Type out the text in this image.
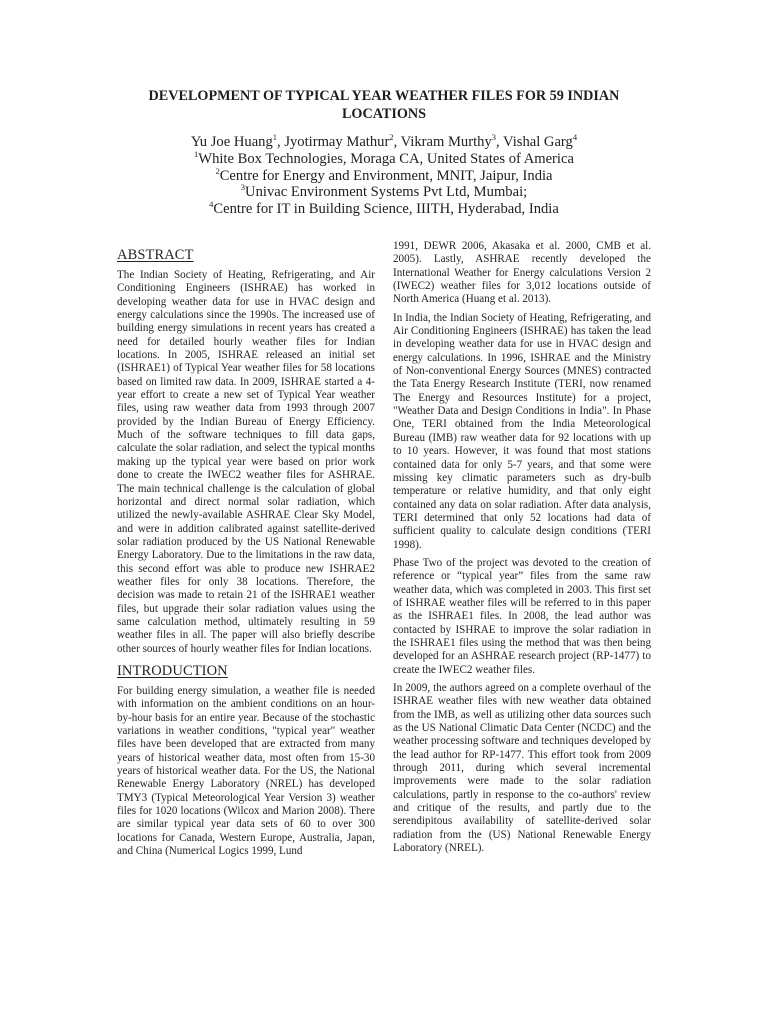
DEVELOPMENT OF TYPICAL YEAR WEATHER FILES FOR 59 INDIAN LOCATIONS
Yu Joe Huang$^1$, Jyotirmay Mathur$^2$, Vikram Murthy$^3$, Vishal Garg$^4$
$^1$White Box Technologies, Moraga CA, United States of America
$^2$Centre for Energy and Environment, MNIT, Jaipur, India
$^3$Univac Environment Systems Pvt Ltd, Mumbai;
$^4$Centre for IT in Building Science, IIITH, Hyderabad, India
ABSTRACT

The Indian Society of Heating, Refrigerating, and Air Conditioning Engineers (ISHRAE) has worked in developing weather data for use in HVAC design and energy calculations since the 1990s. The increased use of building energy simulations in recent years has created a need for detailed hourly weather files for Indian locations. In 2005, ISHRAE released an initial set (ISHRAE1) of Typical Year weather files for 58 locations based on limited raw data. In 2009, ISHRAE started a 4-year effort to create a new set of Typical Year weather files, using raw weather data from 1993 through 2007 provided by the Indian Bureau of Energy Efficiency. Much of the software techniques to fill data gaps, calculate the solar radiation, and select the typical months making up the typical year were based on prior work done to create the IWEC2 weather files for ASHRAE. The main technical challenge is the calculation of global horizontal and direct normal solar radiation, which utilized the newly-available ASHRAE Clear Sky Model, and were in addition calibrated against satellite-derived solar radiation produced by the US National Renewable Energy Laboratory. Due to the limitations in the raw data, this second effort was able to produce new ISHRAE2 weather files for only 38 locations. Therefore, the decision was made to retain 21 of the ISHRAE1 weather files, but upgrade their solar radiation values using the same calculation method, ultimately resulting in 59 weather files in all. The paper will also briefly describe other sources of hourly weather files for Indian locations.

INTRODUCTION

For building energy simulation, a weather file is needed with information on the ambient conditions on an hour-by-hour basis for an entire year. Because of the stochastic variations in weather conditions, "typical year" weather files have been developed that are extracted from many years of historical weather data, most often from 15-30 years of historical weather data. For the US, the National Renewable Energy Laboratory (NREL) has developed TMY3 (Typical Meteorological Year Version 3) weather files for 1020 locations (Wilcox and Marion 2008). There are similar typical year data sets of 60 to over 300 locations for Canada, Western Europe, Australia, Japan, and China (Numerical Logics 1999, Lund

1991, DEWR 2006, Akasaka et al. 2000, CMB et al. 2005). Lastly, ASHRAE recently developed the International Weather for Energy calculations Version 2 (IWEC2) weather files for 3,012 locations outside of North America (Huang et al. 2013).

In India, the Indian Society of Heating, Refrigerating, and Air Conditioning Engineers (ISHRAE) has taken the lead in developing weather data for use in HVAC design and energy calculations. In 1996, ISHRAE and the Ministry of Non-conventional Energy Sources (MNES) contracted the Tata Energy Research Institute (TERI, now renamed The Energy and Resources Institute) for a project, "Weather Data and Design Conditions in India". In Phase One, TERI obtained from the India Meteorological Bureau (IMB) raw weather data for 92 locations with up to 10 years. However, it was found that most stations contained data for only 5-7 years, and that some were missing key climatic parameters such as dry-bulb temperature or relative humidity, and that only eight contained any data on solar radiation. After data analysis, TERI determined that only 52 locations had data of sufficient quality to calculate design conditions (TERI 1998).

Phase Two of the project was devoted to the creation of reference or “typical year” files from the same raw weather data, which was completed in 2003. This first set of ISHRAE weather files will be referred to in this paper as the ISHRAE1 files. In 2008, the lead author was contacted by ISHRAE to improve the solar radiation in the ISHRAE1 files using the method that was then being developed for an ASHRAE research project (RP-1477) to create the IWEC2 weather files.

In 2009, the authors agreed on a complete overhaul of the ISHRAE weather files with new weather data obtained from the IMB, as well as utilizing other data sources such as the US National Climatic Data Center (NCDC) and the weather processing software and techniques developed by the lead author for RP-1477. This effort took from 2009 through 2011, during which several incremental improvements were made to the solar radiation calculations, partly in response to the co-authors' review and critique of the results, and partly due to the serendipitous availability of satellite-derived solar radiation from the (US) National Renewable Energy Laboratory (NREL).
